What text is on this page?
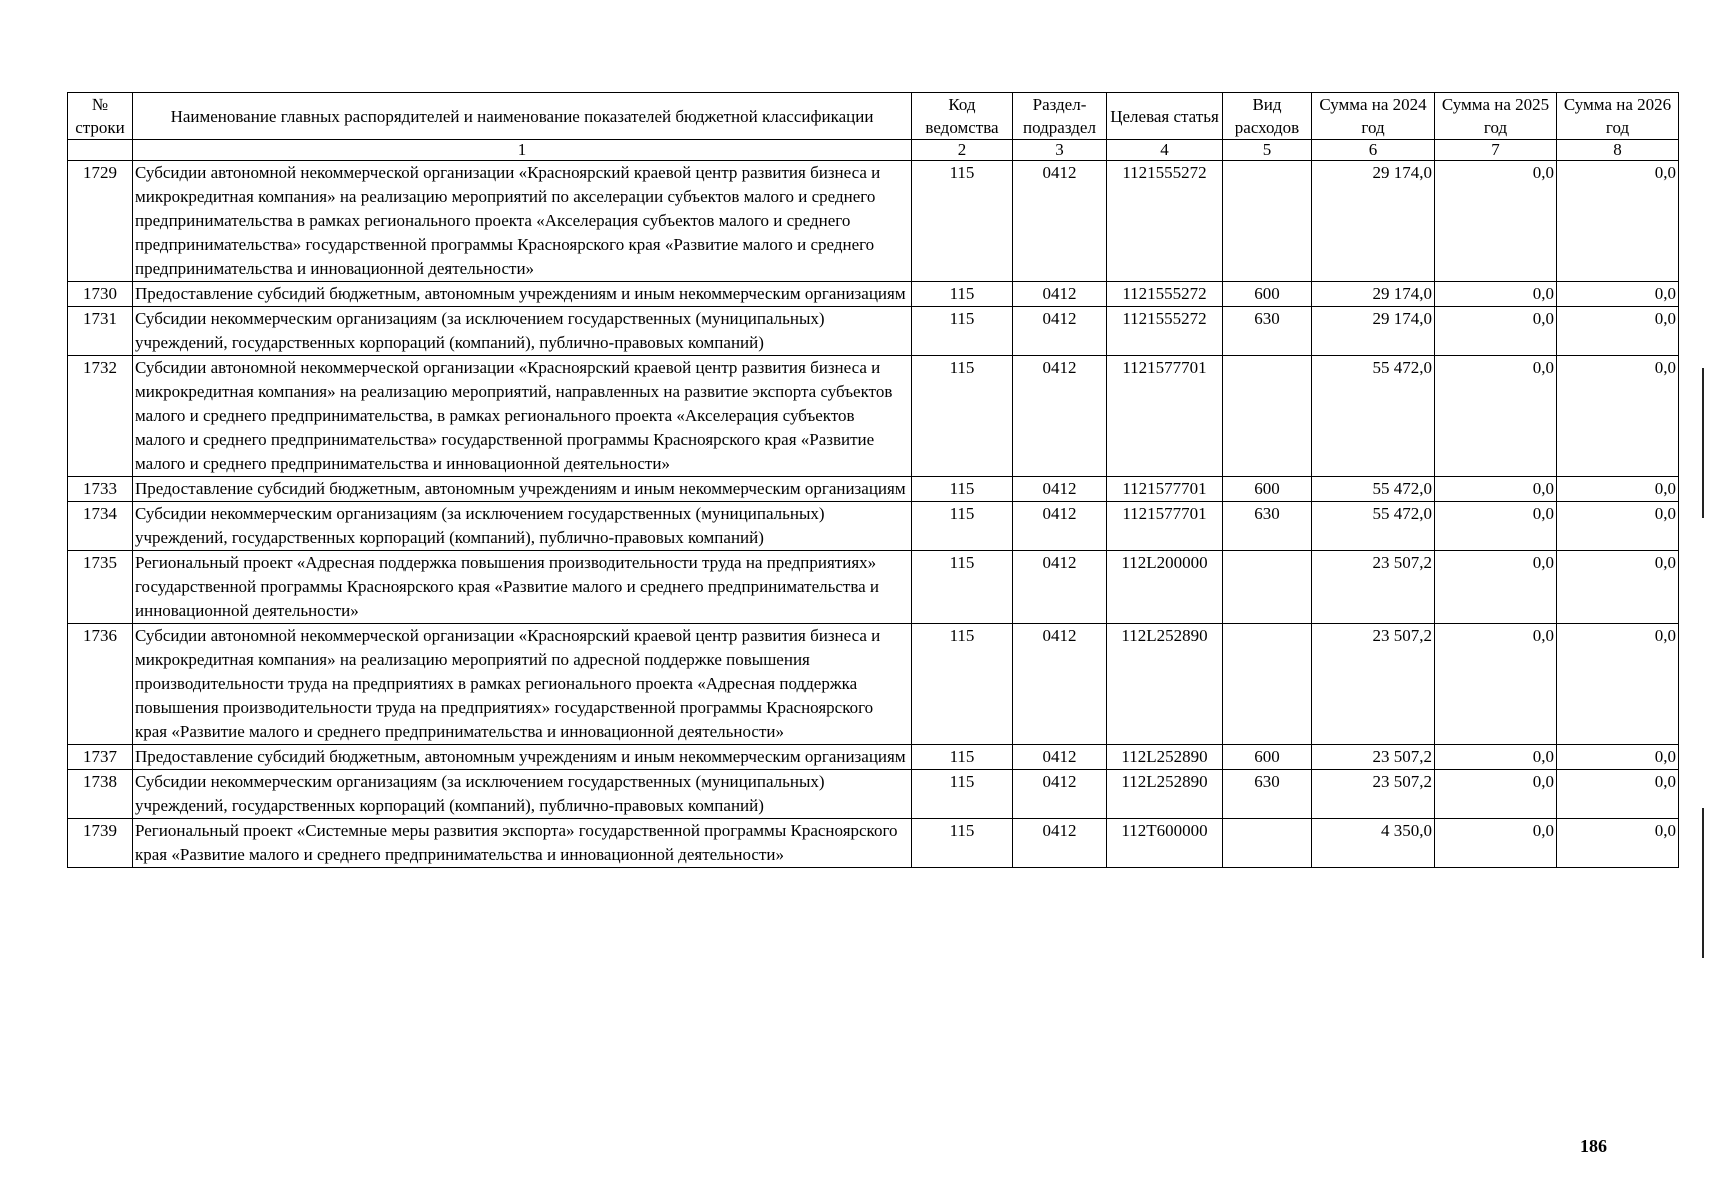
№ строки	Наименование главных распорядителей и наименование показателей бюджетной классификации	Код ведомства	Раздел-подраздел	Целевая статья	Вид расходов	Сумма на 2024 год	Сумма на 2025 год	Сумма на 2026 год
	1	2	3	4	5	6	7	8
1729	Субсидии автономной некоммерческой организации «Красноярский краевой центр развития бизнеса и микрокредитная компания» на реализацию мероприятий по акселерации субъектов малого и среднего предпринимательства в рамках регионального проекта «Акселерация субъектов малого и среднего предпринимательства» государственной программы Красноярского края «Развитие малого и среднего предпринимательства и инновационной деятельности»	115	0412	1121555272		29 174,0	0,0	0,0
1730	Предоставление субсидий бюджетным, автономным учреждениям и иным некоммерческим организациям	115	0412	1121555272	600	29 174,0	0,0	0,0
1731	Субсидии некоммерческим организациям (за исключением государственных (муниципальных) учреждений, государственных корпораций (компаний), публично-правовых компаний)	115	0412	1121555272	630	29 174,0	0,0	0,0
1732	Субсидии автономной некоммерческой организации «Красноярский краевой центр развития бизнеса и микрокредитная компания» на реализацию мероприятий, направленных на развитие экспорта субъектов малого и среднего предпринимательства, в рамках регионального проекта «Акселерация субъектов малого и среднего предпринимательства» государственной программы Красноярского края «Развитие малого и среднего предпринимательства и инновационной деятельности»	115	0412	1121577701		55 472,0	0,0	0,0
1733	Предоставление субсидий бюджетным, автономным учреждениям и иным некоммерческим организациям	115	0412	1121577701	600	55 472,0	0,0	0,0
1734	Субсидии некоммерческим организациям (за исключением государственных (муниципальных) учреждений, государственных корпораций (компаний), публично-правовых компаний)	115	0412	1121577701	630	55 472,0	0,0	0,0
1735	Региональный проект «Адресная поддержка повышения производительности труда на предприятиях» государственной программы Красноярского края «Развитие малого и среднего предпринимательства и инновационной деятельности»	115	0412	112L200000		23 507,2	0,0	0,0
1736	Субсидии автономной некоммерческой организации «Красноярский краевой центр развития бизнеса и микрокредитная компания» на реализацию мероприятий по адресной поддержке повышения производительности труда на предприятиях в рамках регионального проекта «Адресная поддержка повышения производительности труда на предприятиях» государственной программы Красноярского края «Развитие малого и среднего предпринимательства и инновационной деятельности»	115	0412	112L252890		23 507,2	0,0	0,0
1737	Предоставление субсидий бюджетным, автономным учреждениям и иным некоммерческим организациям	115	0412	112L252890	600	23 507,2	0,0	0,0
1738	Субсидии некоммерческим организациям (за исключением государственных (муниципальных) учреждений, государственных корпораций (компаний), публично-правовых компаний)	115	0412	112L252890	630	23 507,2	0,0	0,0
1739	Региональный проект «Системные меры развития экспорта» государственной программы Красноярского края «Развитие малого и среднего предпринимательства и инновационной деятельности»	115	0412	112T600000		4 350,0	0,0	0,0
186
